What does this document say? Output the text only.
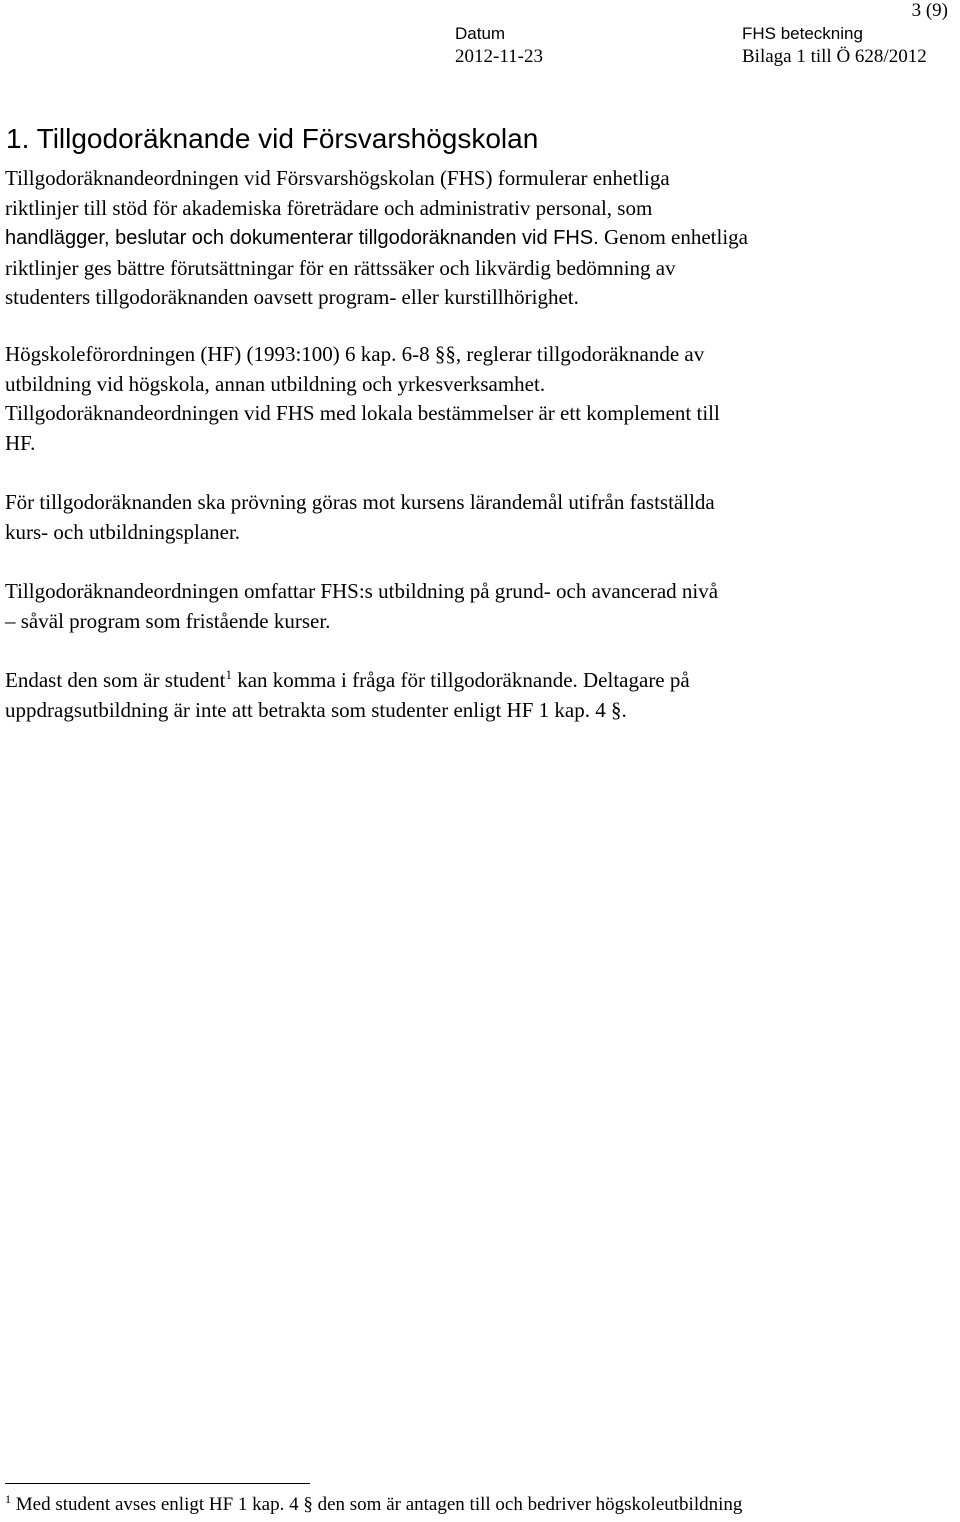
3 (9)
Datum
2012-11-23
FHS beteckning
Bilaga 1 till Ö 628/2012
1. Tillgodoräknande vid Försvarshögskolan
Tillgodoräknandeordningen vid Försvarshögskolan (FHS) formulerar enhetliga
riktlinjer till stöd för akademiska företrädare och administrativ personal, som
handlägger, beslutar och dokumenterar tillgodoräknanden vid FHS. Genom enhetliga
riktlinjer ges bättre förutsättningar för en rättssäker och likvärdig bedömning av
studenters tillgodoräknanden oavsett program- eller kurstillhörighet.
Högskoleförordningen (HF) (1993:100) 6 kap. 6-8 §§, reglerar tillgodoräknande av
utbildning vid högskola, annan utbildning och yrkesverksamhet.
Tillgodoräknandeordningen vid FHS med lokala bestämmelser är ett komplement till
HF.
För tillgodoräknanden ska prövning göras mot kursens lärandemål utifrån fastställda
kurs- och utbildningsplaner.
Tillgodoräknandeordningen omfattar FHS:s utbildning på grund- och avancerad nivå
– såväl program som fristående kurser.
Endast den som är student$^1$ kan komma i fråga för tillgodoräknande. Deltagare på
uppdragsutbildning är inte att betrakta som studenter enligt HF 1 kap. 4 §.
$^1$ Med student avses enligt HF 1 kap. 4 § den som är antagen till och bedriver högskoleutbildning
